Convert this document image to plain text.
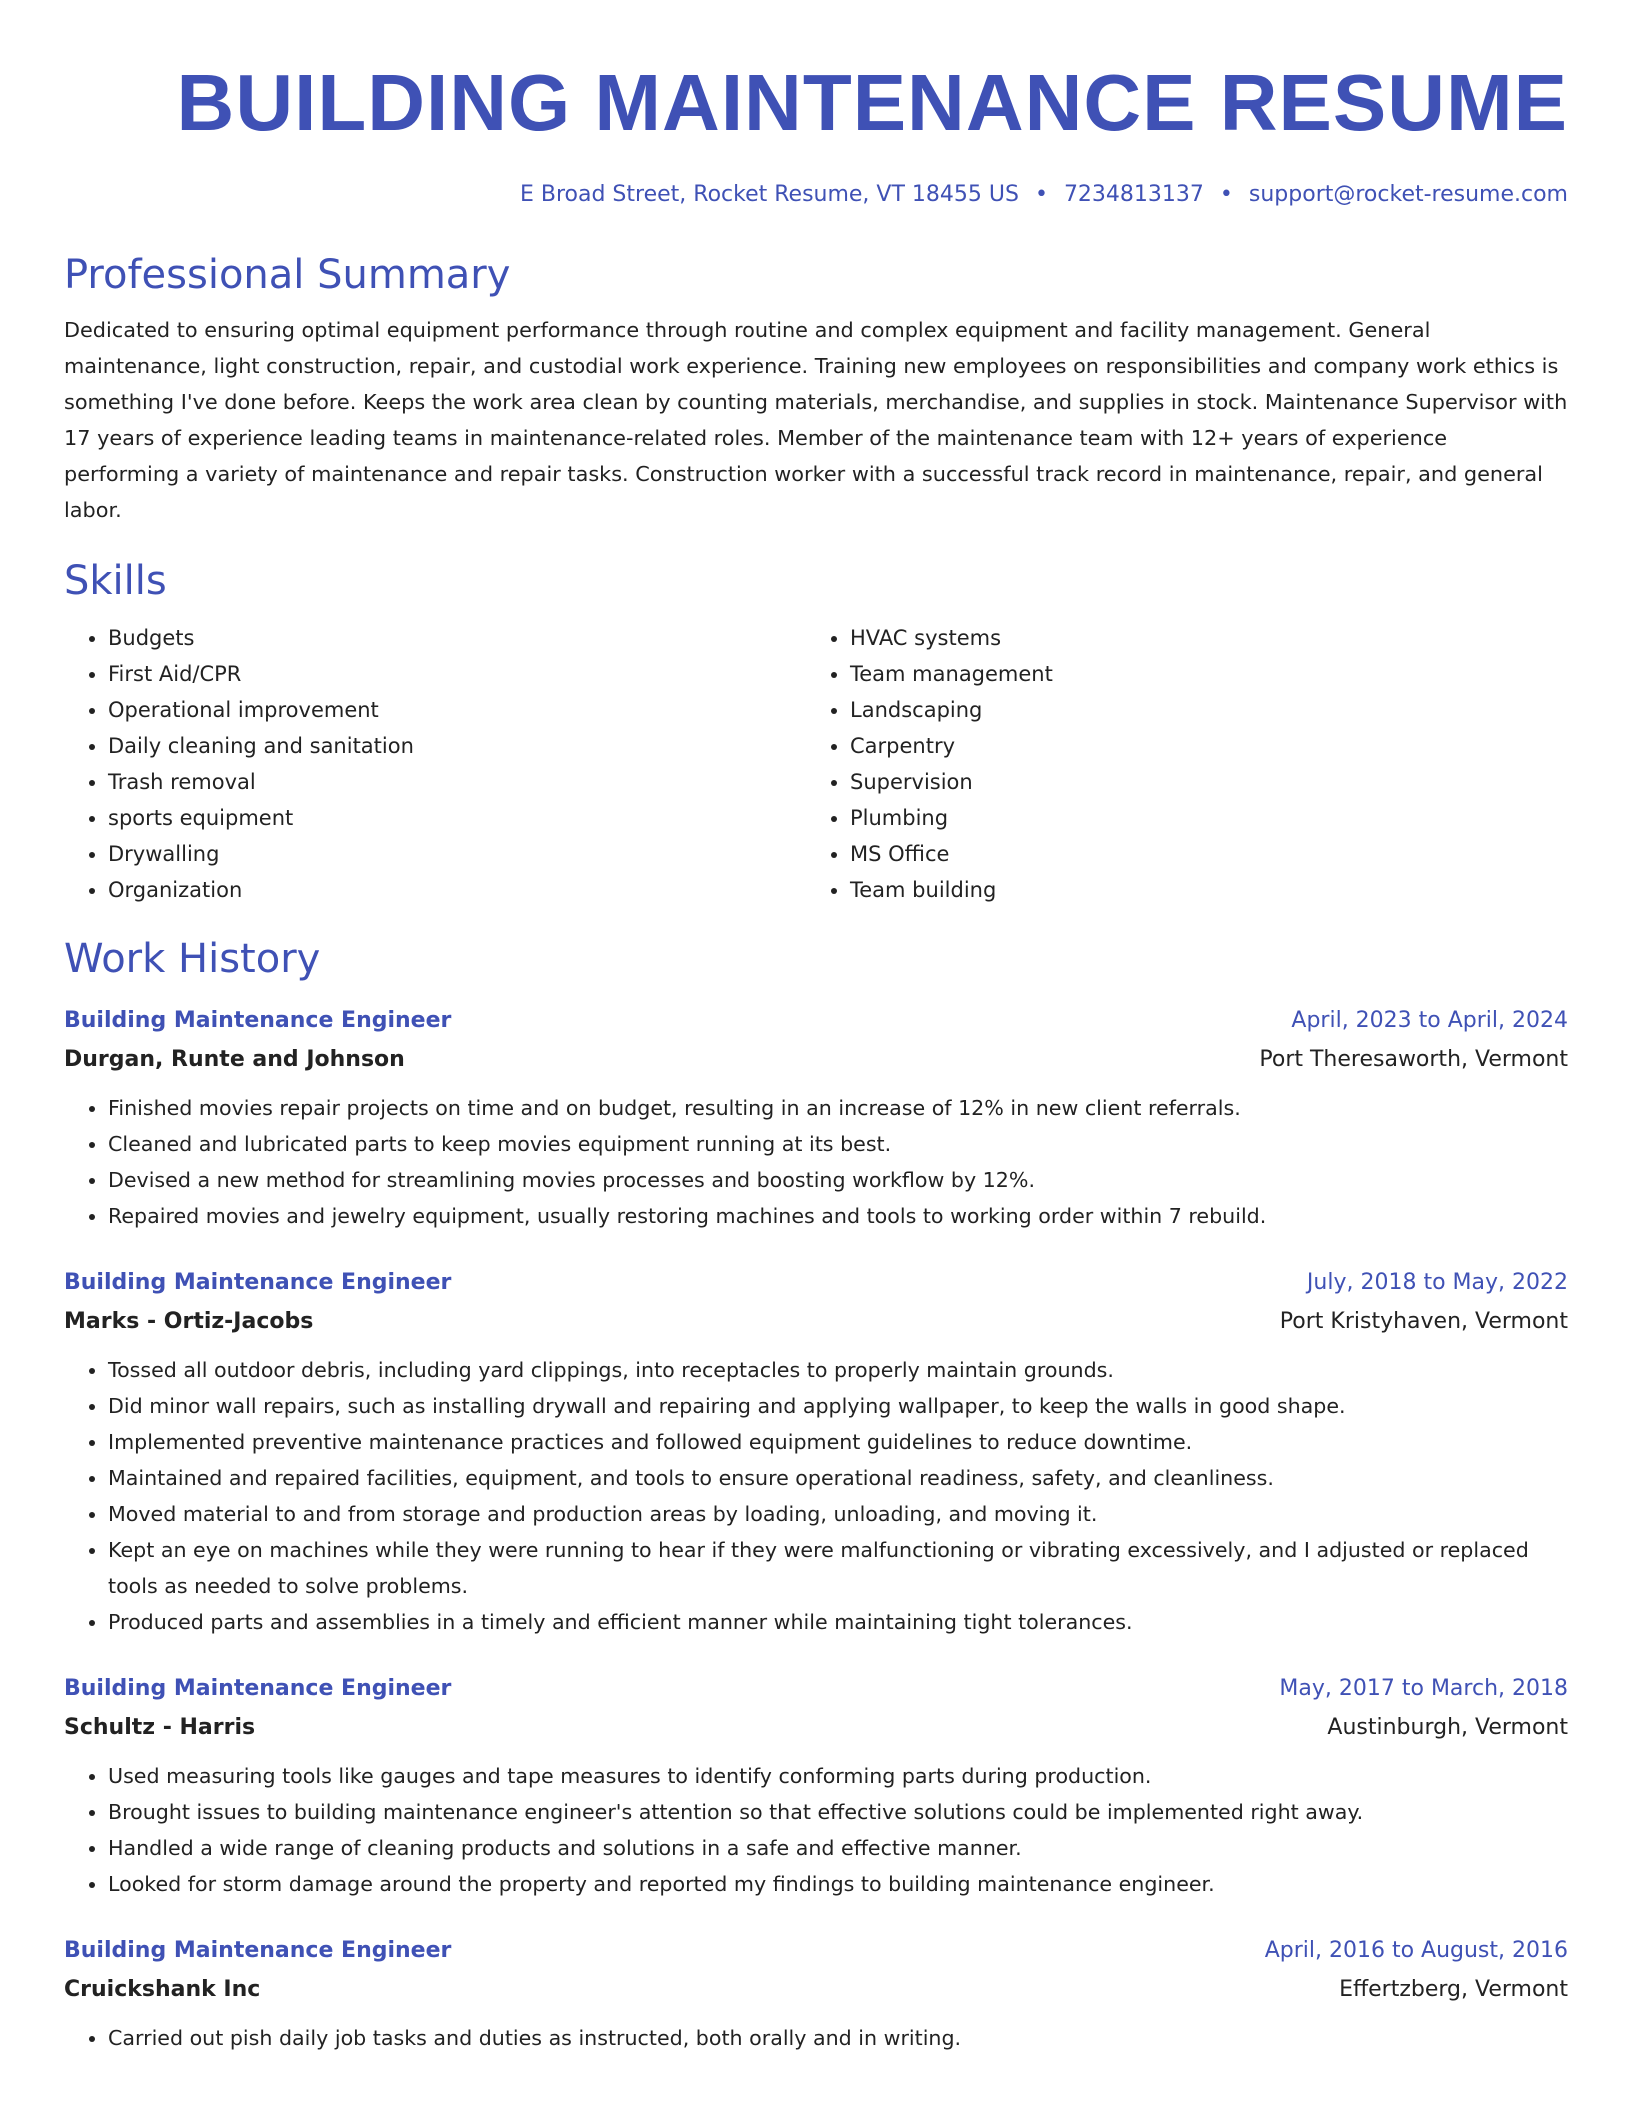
BUILDING MAINTENANCE RESUME
E Broad Street, Rocket Resume, VT 18455 US • 7234813137 • support@rocket-resume.com
Professional Summary
Dedicated to ensuring optimal equipment performance through routine and complex equipment and facility management. General maintenance, light construction, repair, and custodial work experience. Training new employees on responsibilities and company work ethics is something I've done before. Keeps the work area clean by counting materials, merchandise, and supplies in stock. Maintenance Supervisor with 17 years of experience leading teams in maintenance-related roles. Member of the maintenance team with 12+ years of experience performing a variety of maintenance and repair tasks. Construction worker with a successful track record in maintenance, repair, and general labor.
Skills
• Budgets
• First Aid/CPR
• Operational improvement
• Daily cleaning and sanitation
• Trash removal
• sports equipment
• Drywalling
• Organization
• HVAC systems
• Team management
• Landscaping
• Carpentry
• Supervision
• Plumbing
• MS Office
• Team building
Work History
Building Maintenance Engineer	April, 2023 to April, 2024
Durgan, Runte and Johnson	Port Theresaworth, Vermont
• Finished movies repair projects on time and on budget, resulting in an increase of 12% in new client referrals.
• Cleaned and lubricated parts to keep movies equipment running at its best.
• Devised a new method for streamlining movies processes and boosting workflow by 12%.
• Repaired movies and jewelry equipment, usually restoring machines and tools to working order within 7 rebuild.
Building Maintenance Engineer	July, 2018 to May, 2022
Marks - Ortiz-Jacobs	Port Kristyhaven, Vermont
• Tossed all outdoor debris, including yard clippings, into receptacles to properly maintain grounds.
• Did minor wall repairs, such as installing drywall and repairing and applying wallpaper, to keep the walls in good shape.
• Implemented preventive maintenance practices and followed equipment guidelines to reduce downtime.
• Maintained and repaired facilities, equipment, and tools to ensure operational readiness, safety, and cleanliness.
• Moved material to and from storage and production areas by loading, unloading, and moving it.
• Kept an eye on machines while they were running to hear if they were malfunctioning or vibrating excessively, and I adjusted or replaced tools as needed to solve problems.
• Produced parts and assemblies in a timely and efficient manner while maintaining tight tolerances.
Building Maintenance Engineer	May, 2017 to March, 2018
Schultz - Harris	Austinburgh, Vermont
• Used measuring tools like gauges and tape measures to identify conforming parts during production.
• Brought issues to building maintenance engineer's attention so that effective solutions could be implemented right away.
• Handled a wide range of cleaning products and solutions in a safe and effective manner.
• Looked for storm damage around the property and reported my findings to building maintenance engineer.
Building Maintenance Engineer	April, 2016 to August, 2016
Cruickshank Inc	Effertzberg, Vermont
• Carried out pish daily job tasks and duties as instructed, both orally and in writing.
